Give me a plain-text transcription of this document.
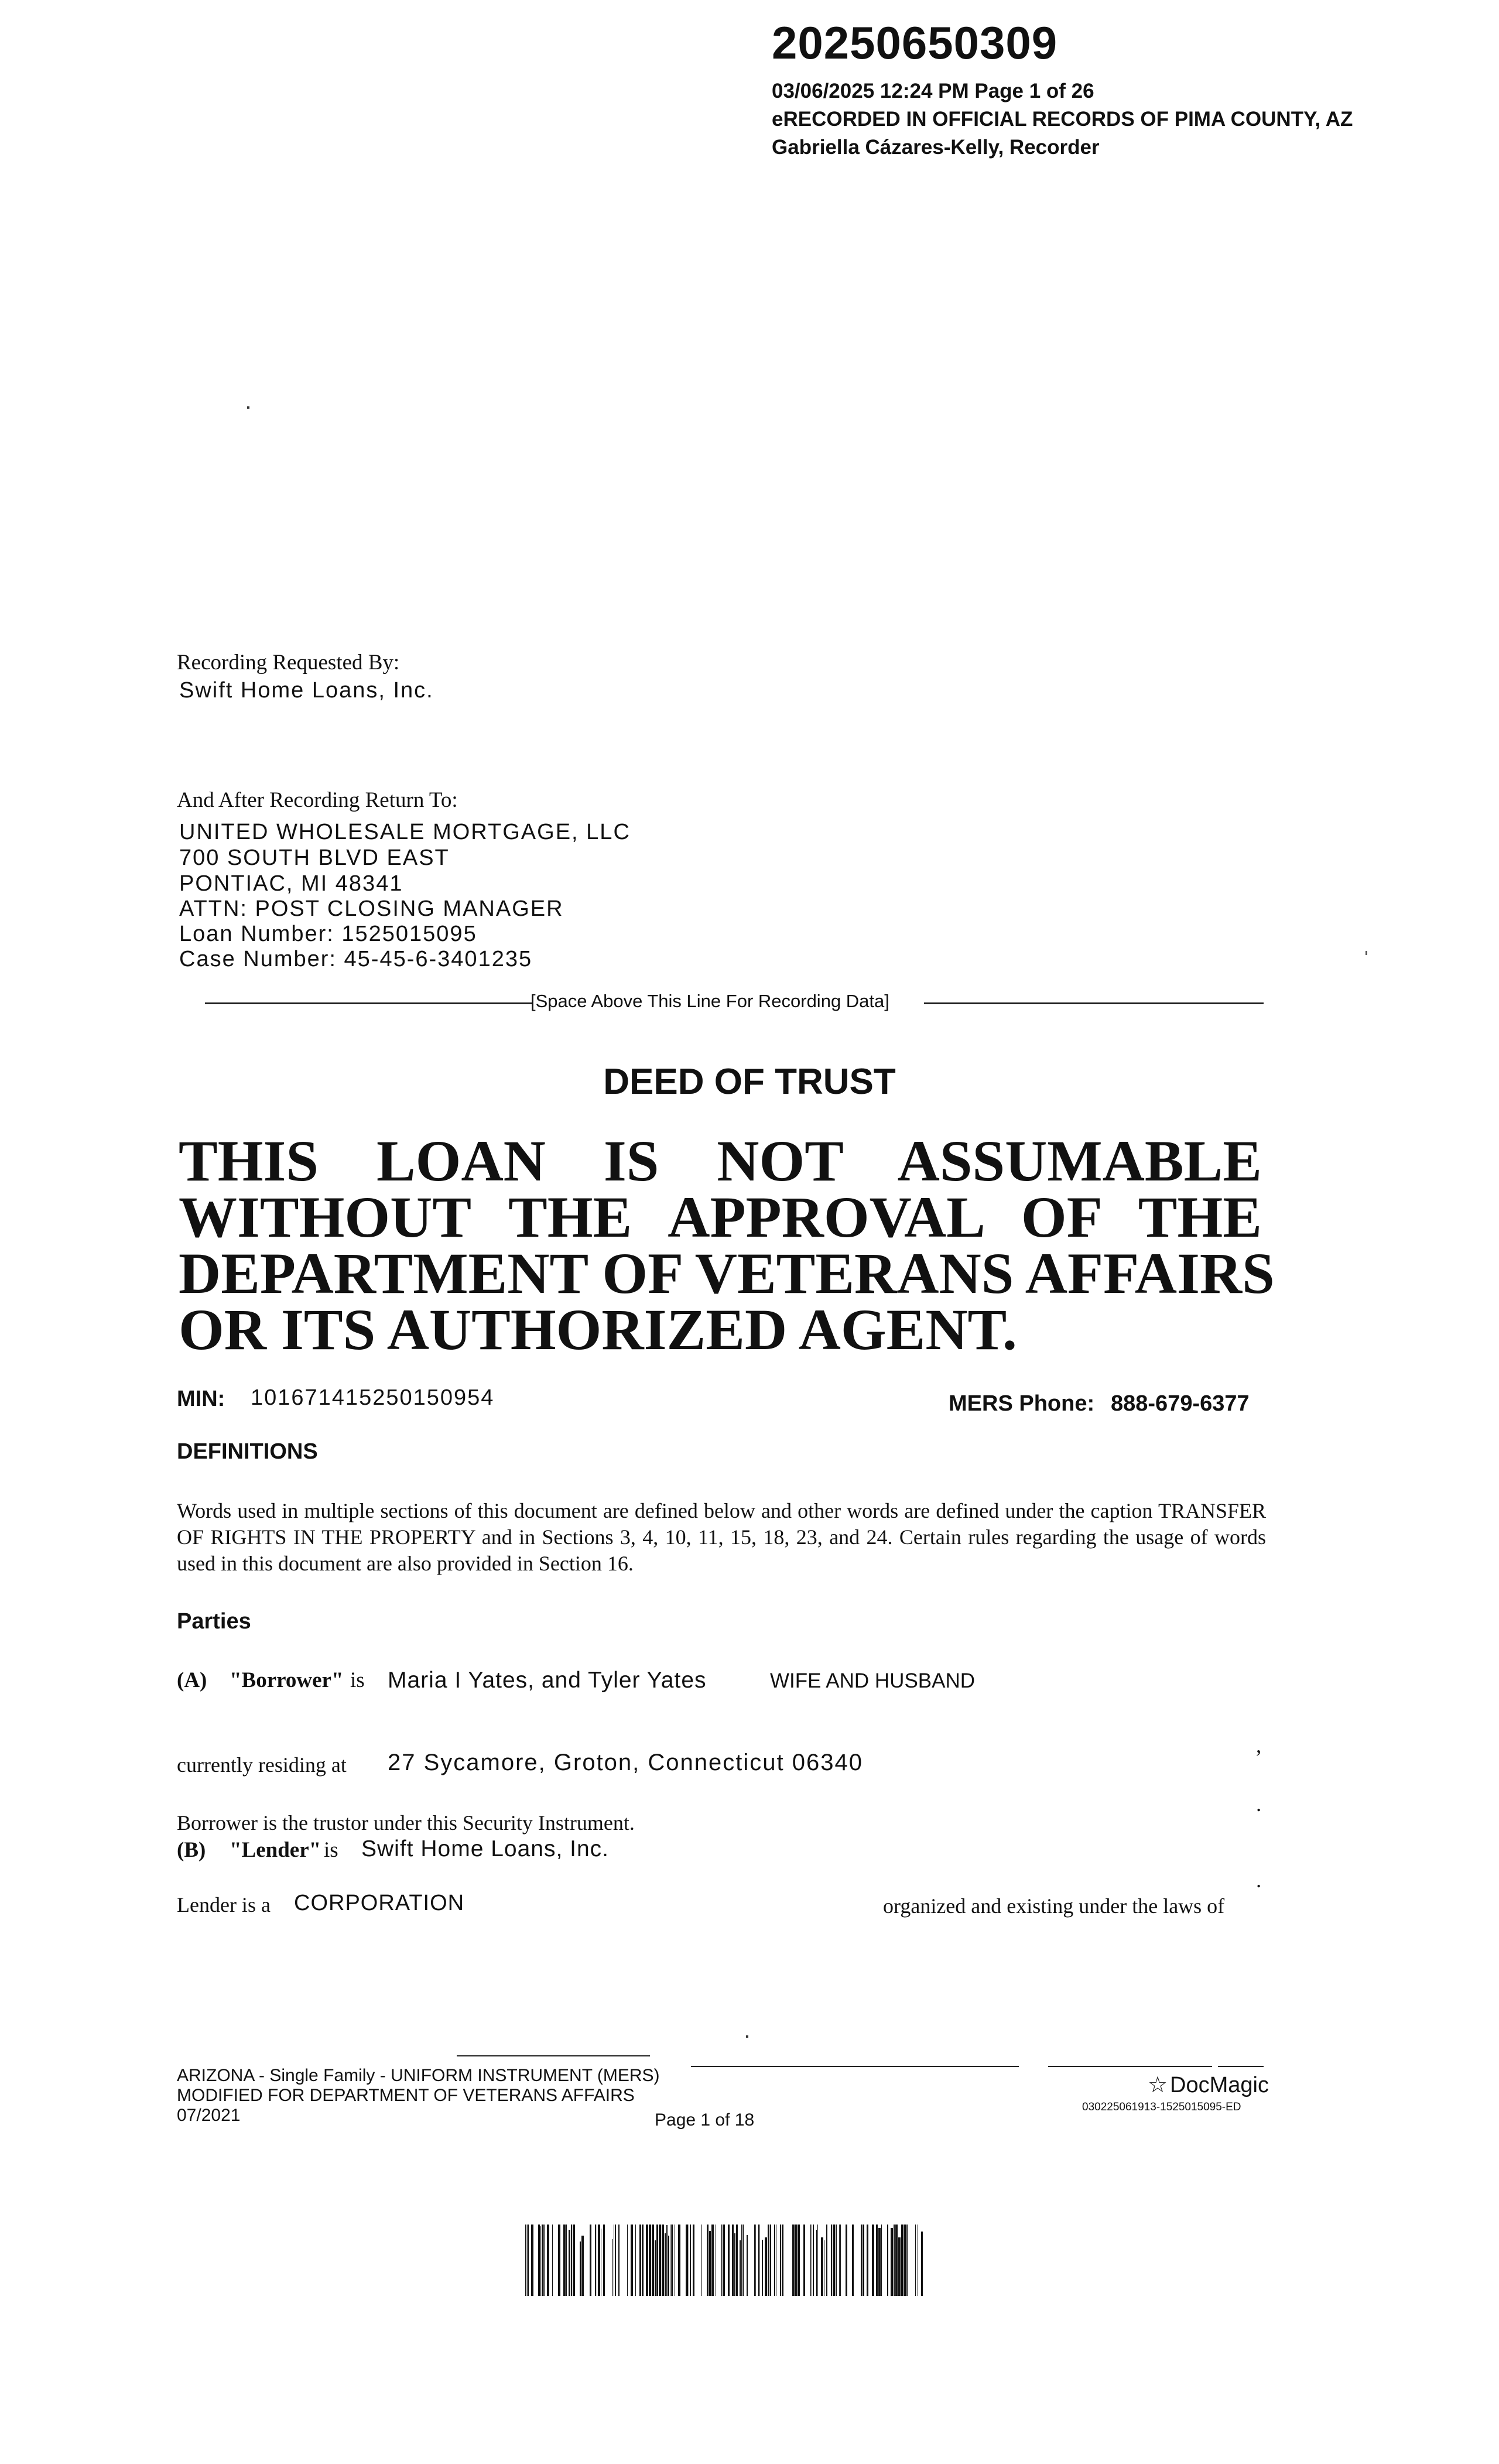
20250650309
03/06/2025 12:24 PM Page 1 of 26
eRECORDED IN OFFICIAL RECORDS OF PIMA COUNTY, AZ
Gabriella Cázares-Kelly, Recorder
Recording Requested By:
Swift Home Loans, Inc.
And After Recording Return To:
UNITED WHOLESALE MORTGAGE, LLC
700 SOUTH BLVD EAST
PONTIAC, MI 48341
ATTN: POST CLOSING MANAGER
Loan Number: 1525015095
Case Number: 45-45-6-3401235
[Space Above This Line For Recording Data]
DEED OF TRUST
THIS LOAN IS NOT ASSUMABLE
WITHOUT THE APPROVAL OF THE
DEPARTMENT OF VETERANS AFFAIRS
OR ITS AUTHORIZED AGENT.
MIN: 101671415250150954	MERS Phone: 888-679-6377
DEFINITIONS
Words used in multiple sections of this document are defined below and other words are defined under the caption TRANSFER OF RIGHTS IN THE PROPERTY and in Sections 3, 4, 10, 11, 15, 18, 23, and 24. Certain rules regarding the usage of words used in this document are also provided in Section 16.
Parties
(A) "Borrower" is Maria I Yates, and Tyler Yates	WIFE AND HUSBAND
,
currently residing at 27 Sycamore, Groton, Connecticut 06340
.
Borrower is the trustor under this Security Instrument.
(B) "Lender" is Swift Home Loans, Inc.
.
Lender is a CORPORATION	organized and existing under the laws of
ARIZONA - Single Family - UNIFORM INSTRUMENT (MERS)
MODIFIED FOR DEPARTMENT OF VETERANS AFFAIRS
07/2021	Page 1 of 18
☆ DocMagic
030225061913-1525015095-ED
